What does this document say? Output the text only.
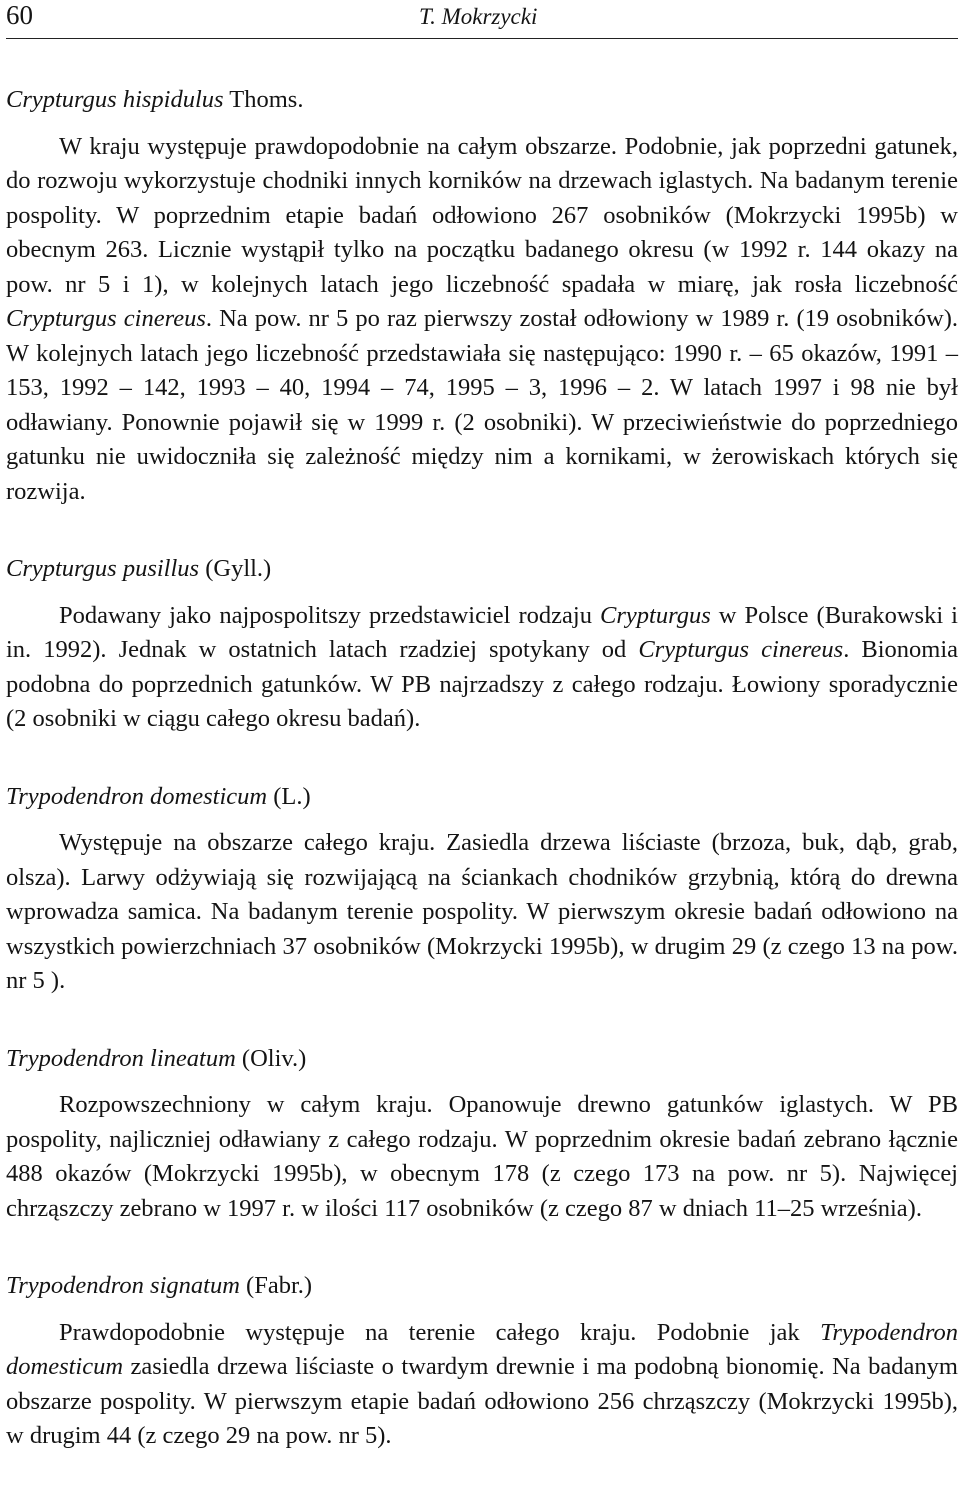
60	T. Mokrzycki
Crypturgus hispidulus Thoms.

W kraju występuje prawdopodobnie na całym obszarze. Podobnie, jak poprzedni gatunek, do rozwoju wykorzystuje chodniki innych korników na drzewach iglastych. Na badanym terenie pospolity. W poprzednim etapie badań odłowiono 267 osobników (Mokrzycki 1995b) w obecnym 263. Licznie wystąpił tylko na początku badanego okresu (w 1992 r. 144 okazy na pow. nr 5 i 1), w kolejnych latach jego liczebność spadała w miarę, jak rosła liczebność Crypturgus cinereus. Na pow. nr 5 po raz pierwszy został odłowiony w 1989 r. (19 osobników). W kolejnych latach jego liczebność przedstawiała się następująco: 1990 r. – 65 okazów, 1991 – 153, 1992 – 142, 1993 – 40, 1994 – 74, 1995 – 3, 1996 – 2. W latach 1997 i 98 nie był odławiany. Ponownie pojawił się w 1999 r. (2 osobniki). W przeciwieństwie do poprzedniego gatunku nie uwidoczniła się zależność między nim a kornikami, w żerowiskach których się rozwija.

Crypturgus pusillus (Gyll.)

Podawany jako najpospolitszy przedstawiciel rodzaju Crypturgus w Polsce (Burakowski i in. 1992). Jednak w ostatnich latach rzadziej spotykany od Crypturgus cinereus. Bionomia podobna do poprzednich gatunków. W PB najrzadszy z całego rodzaju. Łowiony sporadycznie (2 osobniki w ciągu całego okresu badań).

Trypodendron domesticum (L.)

Występuje na obszarze całego kraju. Zasiedla drzewa liściaste (brzoza, buk, dąb, grab, olsza). Larwy odżywiają się rozwijającą na ściankach chodników grzybnią, którą do drewna wprowadza samica. Na badanym terenie pospolity. W pierwszym okresie badań odłowiono na wszystkich powierzchniach 37 osobników (Mokrzycki 1995b), w drugim 29 (z czego 13 na pow. nr 5 ).

Trypodendron lineatum (Oliv.)

Rozpowszechniony w całym kraju. Opanowuje drewno gatunków iglastych. W PB pospolity, najliczniej odławiany z całego rodzaju. W poprzednim okresie badań zebrano łącznie 488 okazów (Mokrzycki 1995b), w obecnym 178 (z czego 173 na pow. nr 5). Najwięcej chrząszczy zebrano w 1997 r. w ilości 117 osobników (z czego 87 w dniach 11–25 września).

Trypodendron signatum (Fabr.)

Prawdopodobnie występuje na terenie całego kraju. Podobnie jak Trypodendron domesticum zasiedla drzewa liściaste o twardym drewnie i ma podobną bionomię. Na badanym obszarze pospolity. W pierwszym etapie badań odłowiono 256 chrząszczy (Mokrzycki 1995b), w drugim 44 (z czego 29 na pow. nr 5).
